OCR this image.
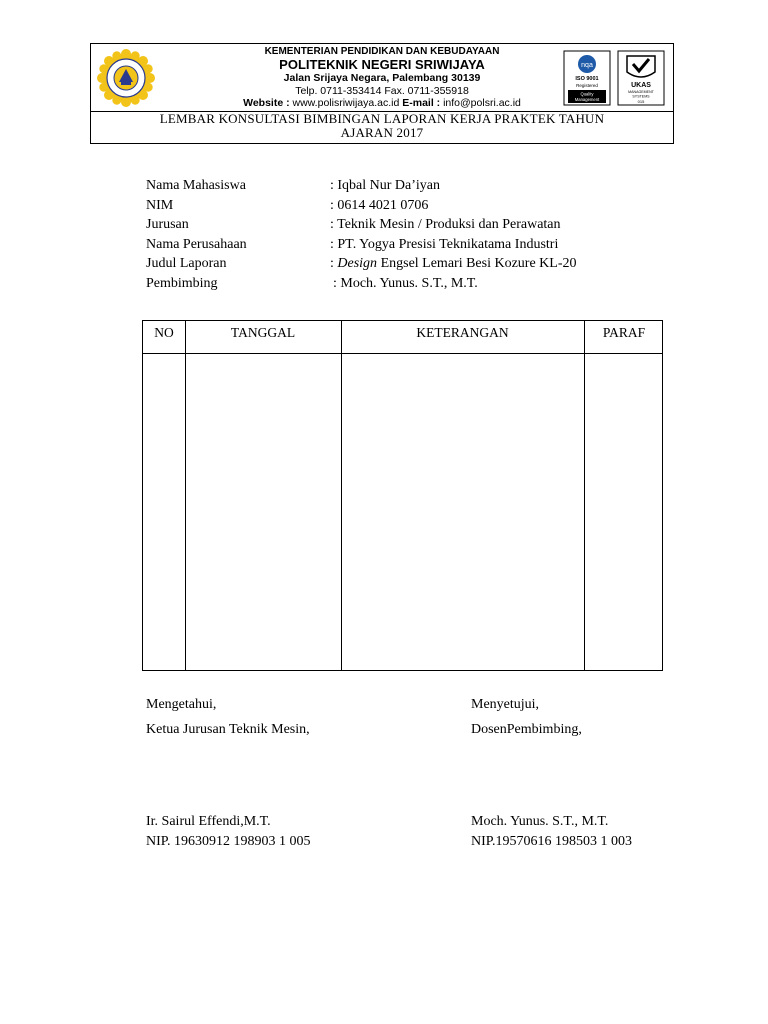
KEMENTERIAN PENDIDIKAN DAN KEBUDAYAAN
POLITEKNIK NEGERI SRIWIJAYA
Jalan Srijaya Negara, Palembang 30139
Telp. 0711-353414 Fax. 0711-355918
Website : www.polisriwijaya.ac.id E-mail : info@polsri.ac.id
nqa
ISO 9001
Registered
Quality
Management
UKAS
MANAGEMENT
SYSTEMS
015
LEMBAR KONSULTASI BIMBINGAN LAPORAN KERJA PRAKTEK TAHUN
AJARAN 2017
Nama Mahasiswa	: Iqbal Nur Da’iyan
NIM	: 0614 4021 0706
Jurusan	: Teknik Mesin / Produksi dan Perawatan
Nama Perusahaan	: PT. Yogya Presisi Teknikatama Industri
Judul Laporan	: Design Engsel Lemari Besi Kozure KL-20
Pembimbing	: Moch. Yunus. S.T., M.T.
NO	TANGGAL	KETERANGAN	PARAF
Mengetahui,
Ketua Jurusan Teknik Mesin,
Ir. Sairul Effendi,M.T.
NIP. 19630912 198903 1 005
Menyetujui,
DosenPembimbing,
Moch. Yunus. S.T., M.T.
NIP.19570616 198503 1 003
